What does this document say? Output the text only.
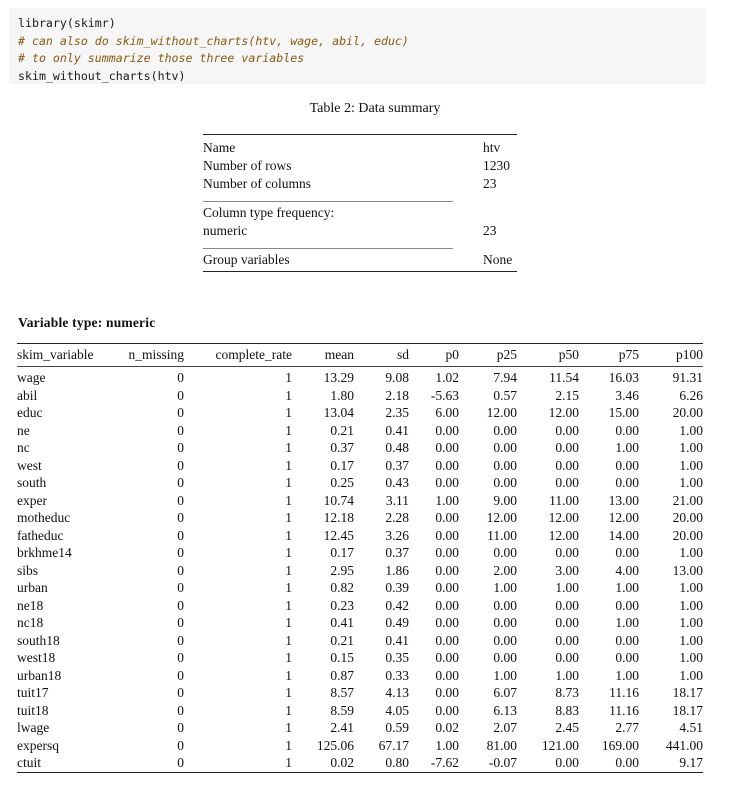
library(skimr)
# can also do skim_without_charts(htv, wage, abil, educ)
# to only summarize those three variables
skim_without_charts(htv)
Table 2: Data summary
Name	htv
Number of rows	1230
Number of columns	23
Column type frequency:
numeric	23
Group variables	None
Variable type: numeric
skim_variable	n_missing	complete_rate	mean	sd	p0	p25	p50	p75	p100
wage	0	1	13.29	9.08	1.02	7.94	11.54	16.03	91.31
abil	0	1	1.80	2.18	-5.63	0.57	2.15	3.46	6.26
educ	0	1	13.04	2.35	6.00	12.00	12.00	15.00	20.00
ne	0	1	0.21	0.41	0.00	0.00	0.00	0.00	1.00
nc	0	1	0.37	0.48	0.00	0.00	0.00	1.00	1.00
west	0	1	0.17	0.37	0.00	0.00	0.00	0.00	1.00
south	0	1	0.25	0.43	0.00	0.00	0.00	0.00	1.00
exper	0	1	10.74	3.11	1.00	9.00	11.00	13.00	21.00
motheduc	0	1	12.18	2.28	0.00	12.00	12.00	12.00	20.00
fatheduc	0	1	12.45	3.26	0.00	11.00	12.00	14.00	20.00
brkhme14	0	1	0.17	0.37	0.00	0.00	0.00	0.00	1.00
sibs	0	1	2.95	1.86	0.00	2.00	3.00	4.00	13.00
urban	0	1	0.82	0.39	0.00	1.00	1.00	1.00	1.00
ne18	0	1	0.23	0.42	0.00	0.00	0.00	0.00	1.00
nc18	0	1	0.41	0.49	0.00	0.00	0.00	1.00	1.00
south18	0	1	0.21	0.41	0.00	0.00	0.00	0.00	1.00
west18	0	1	0.15	0.35	0.00	0.00	0.00	0.00	1.00
urban18	0	1	0.87	0.33	0.00	1.00	1.00	1.00	1.00
tuit17	0	1	8.57	4.13	0.00	6.07	8.73	11.16	18.17
tuit18	0	1	8.59	4.05	0.00	6.13	8.83	11.16	18.17
lwage	0	1	2.41	0.59	0.02	2.07	2.45	2.77	4.51
expersq	0	1	125.06	67.17	1.00	81.00	121.00	169.00	441.00
ctuit	0	1	0.02	0.80	-7.62	-0.07	0.00	0.00	9.17
